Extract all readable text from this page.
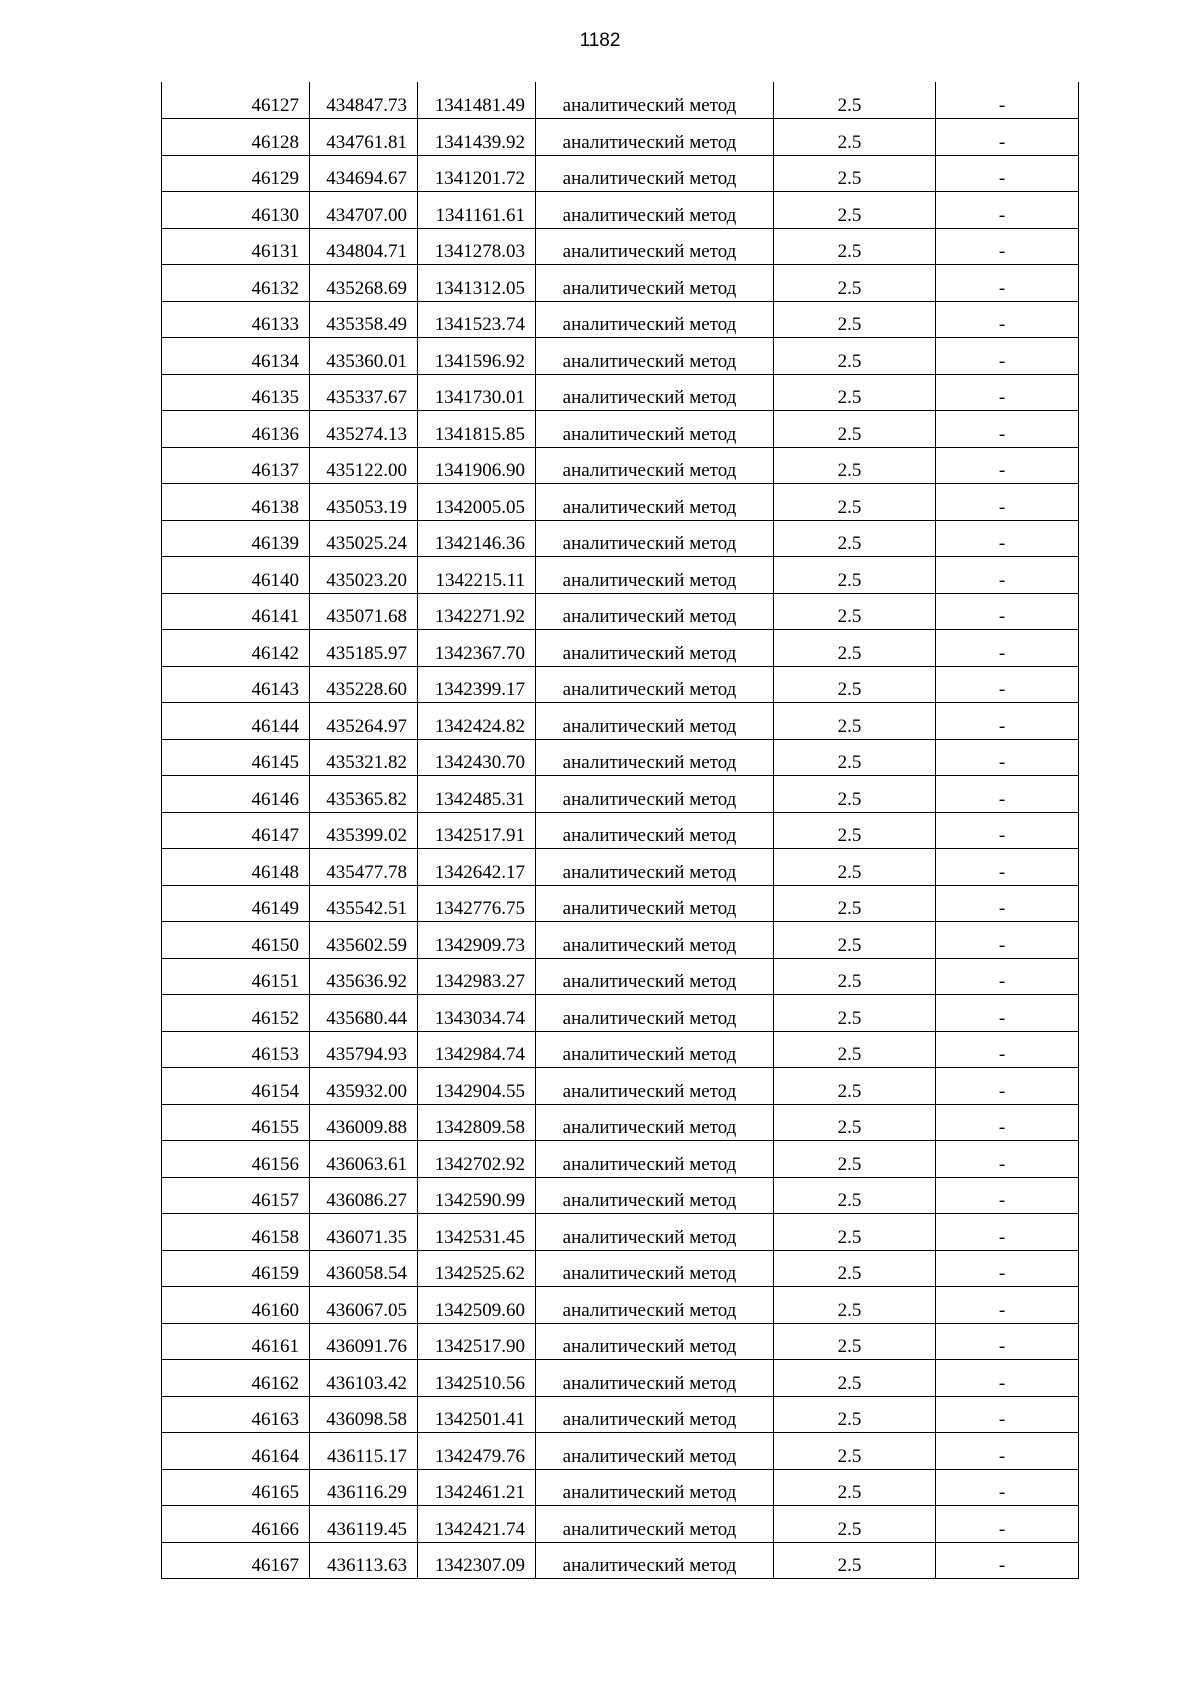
1182
46127	434847.73	1341481.49	аналитический метод	2.5	-
46128	434761.81	1341439.92	аналитический метод	2.5	-
46129	434694.67	1341201.72	аналитический метод	2.5	-
46130	434707.00	1341161.61	аналитический метод	2.5	-
46131	434804.71	1341278.03	аналитический метод	2.5	-
46132	435268.69	1341312.05	аналитический метод	2.5	-
46133	435358.49	1341523.74	аналитический метод	2.5	-
46134	435360.01	1341596.92	аналитический метод	2.5	-
46135	435337.67	1341730.01	аналитический метод	2.5	-
46136	435274.13	1341815.85	аналитический метод	2.5	-
46137	435122.00	1341906.90	аналитический метод	2.5	-
46138	435053.19	1342005.05	аналитический метод	2.5	-
46139	435025.24	1342146.36	аналитический метод	2.5	-
46140	435023.20	1342215.11	аналитический метод	2.5	-
46141	435071.68	1342271.92	аналитический метод	2.5	-
46142	435185.97	1342367.70	аналитический метод	2.5	-
46143	435228.60	1342399.17	аналитический метод	2.5	-
46144	435264.97	1342424.82	аналитический метод	2.5	-
46145	435321.82	1342430.70	аналитический метод	2.5	-
46146	435365.82	1342485.31	аналитический метод	2.5	-
46147	435399.02	1342517.91	аналитический метод	2.5	-
46148	435477.78	1342642.17	аналитический метод	2.5	-
46149	435542.51	1342776.75	аналитический метод	2.5	-
46150	435602.59	1342909.73	аналитический метод	2.5	-
46151	435636.92	1342983.27	аналитический метод	2.5	-
46152	435680.44	1343034.74	аналитический метод	2.5	-
46153	435794.93	1342984.74	аналитический метод	2.5	-
46154	435932.00	1342904.55	аналитический метод	2.5	-
46155	436009.88	1342809.58	аналитический метод	2.5	-
46156	436063.61	1342702.92	аналитический метод	2.5	-
46157	436086.27	1342590.99	аналитический метод	2.5	-
46158	436071.35	1342531.45	аналитический метод	2.5	-
46159	436058.54	1342525.62	аналитический метод	2.5	-
46160	436067.05	1342509.60	аналитический метод	2.5	-
46161	436091.76	1342517.90	аналитический метод	2.5	-
46162	436103.42	1342510.56	аналитический метод	2.5	-
46163	436098.58	1342501.41	аналитический метод	2.5	-
46164	436115.17	1342479.76	аналитический метод	2.5	-
46165	436116.29	1342461.21	аналитический метод	2.5	-
46166	436119.45	1342421.74	аналитический метод	2.5	-
46167	436113.63	1342307.09	аналитический метод	2.5	-
